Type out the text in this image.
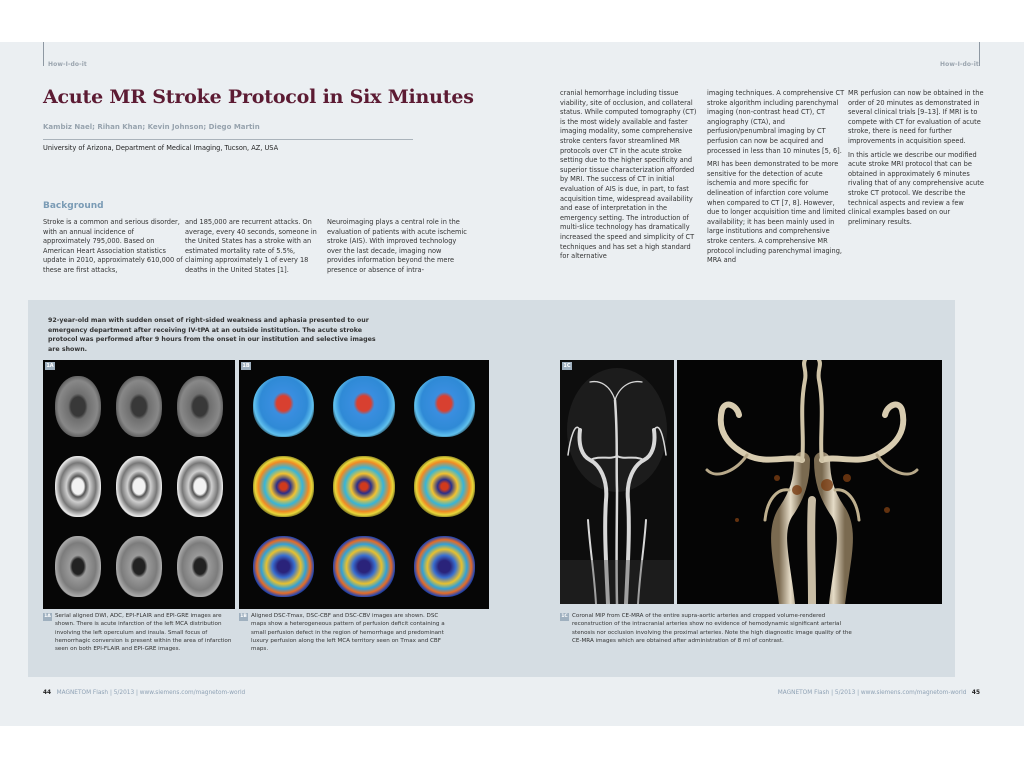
How-I-do-it	How-I-do-it
Acute MR Stroke Protocol in Six Minutes
Kambiz Nael; Rihan Khan; Kevin Johnson; Diego Martin
University of Arizona, Department of Medical Imaging, Tucson, AZ, USA
Background

Stroke is a common and serious disorder, with an annual incidence of approximately 795,000. Based on American Heart Association statistics update in 2010, approximately 610,000 of these are first attacks,

and 185,000 are recurrent attacks. On average, every 40 seconds, someone in the United States has a stroke with an estimated mortality rate of 5.5%, claiming approximately 1 of every 18 deaths in the United States [1].

Neuroimaging plays a central role in the evaluation of patients with acute ischemic stroke (AIS). With improved technology over the last decade, imaging now provides information beyond the mere presence or absence of intra-

cranial hemorrhage including tissue viability, site of occlusion, and collateral status. While computed tomography (CT) is the most widely available and faster imaging modality, some comprehensive stroke centers favor streamlined MR protocols over CT in the acute stroke setting due to the higher specificity and superior tissue characterization afforded by MRI. The success of CT in initial evaluation of AIS is due, in part, to fast acquisition time, widespread availability and ease of interpretation in the emergency setting. The introduction of multi-slice technology has dramatically increased the speed and simplicity of CT techniques and has set a high standard for alternative

imaging techniques. A comprehensive CT stroke algorithm including parenchymal imaging (non-contrast head CT), CT angiography (CTA), and perfusion/penumbral imaging by CT perfusion can now be acquired and processed in less than 10 minutes [5, 6].

MRI has been demonstrated to be more sensitive for the detection of acute ischemia and more specific for delineation of infarction core volume when compared to CT [7, 8]. However, due to longer acquisition time and limited availability; it has been mainly used in large institutions and comprehensive stroke centers. A comprehensive MR protocol including parenchymal imaging, MRA and

MR perfusion can now be obtained in the order of 20 minutes as demonstrated in several clinical trials [9–13]. If MRI is to compete with CT for evaluation of acute stroke, there is need for further improvements in acquisition speed.

In this article we describe our modified acute stroke MRI protocol that can be obtained in approximately 6 minutes rivaling that of any comprehensive acute stroke CT protocol. We describe the technical aspects and review a few clinical examples based on our preliminary results.

92-year-old man with sudden onset of right-sided weakness and aphasia presented to our emergency department after receiving IV-tPA at an outside institution. The acute stroke protocol was performed after 9 hours from the onset in our institution and selective images are shown.
1A	1B	1C
1A Serial aligned DWI, ADC, EPI-FLAIR and EPI-GRE images are shown. There is acute infarction of the left MCA distribution involving the left operculum and insula. Small focus of hemorrhagic conversion is present within the area of infarction seen on both EPI-FLAIR and EPI-GRE images.
1B Aligned DSC-Tmax, DSC-CBF and DSC-CBV images are shown. DSC maps show a heterogeneous pattern of perfusion deficit containing a small perfusion defect in the region of hemorrhage and predominant luxury perfusion along the left MCA territory seen on Tmax and CBF maps.
1C Coronal MIP from CE-MRA of the entire supra-aortic arteries and cropped volume-rendered reconstruction of the intracranial arteries show no evidence of hemodynamic significant arterial stenosis nor occlusion involving the proximal arteries. Note the high diagnostic image quality of the CE-MRA images which are obtained after administration of 8 ml of contrast.
44 MAGNETOM Flash | 5/2013 | www.siemens.com/magnetom-world	MAGNETOM Flash | 5/2013 | www.siemens.com/magnetom-world 45
